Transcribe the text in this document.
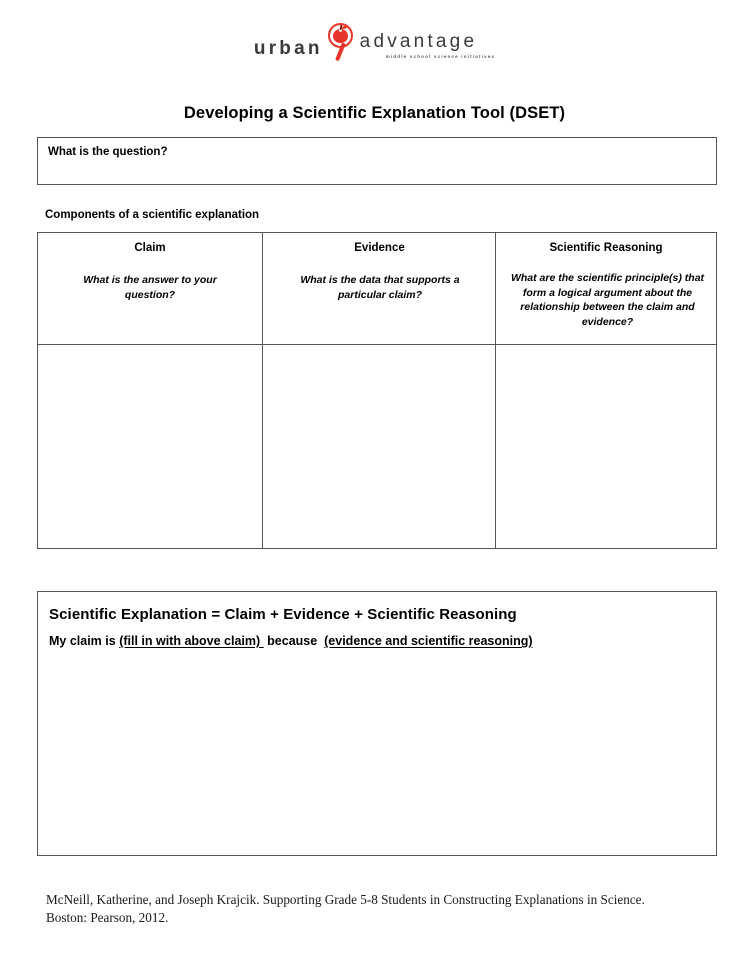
urban advantage
middle school science initiatives
Developing a Scientific Explanation Tool (DSET)
What is the question?
Components of a scientific explanation
Claim	Evidence	Scientific Reasoning
What is the answer to your question?
What is the data that supports a particular claim?
What are the scientific principle(s) that form a logical argument about the relationship between the claim and evidence?
Scientific Explanation = Claim + Evidence + Scientific Reasoning
My claim is (fill in with above claim) because (evidence and scientific reasoning)
McNeill, Katherine, and Joseph Krajcik. Supporting Grade 5-8 Students in Constructing Explanations in Science. Boston: Pearson, 2012.
